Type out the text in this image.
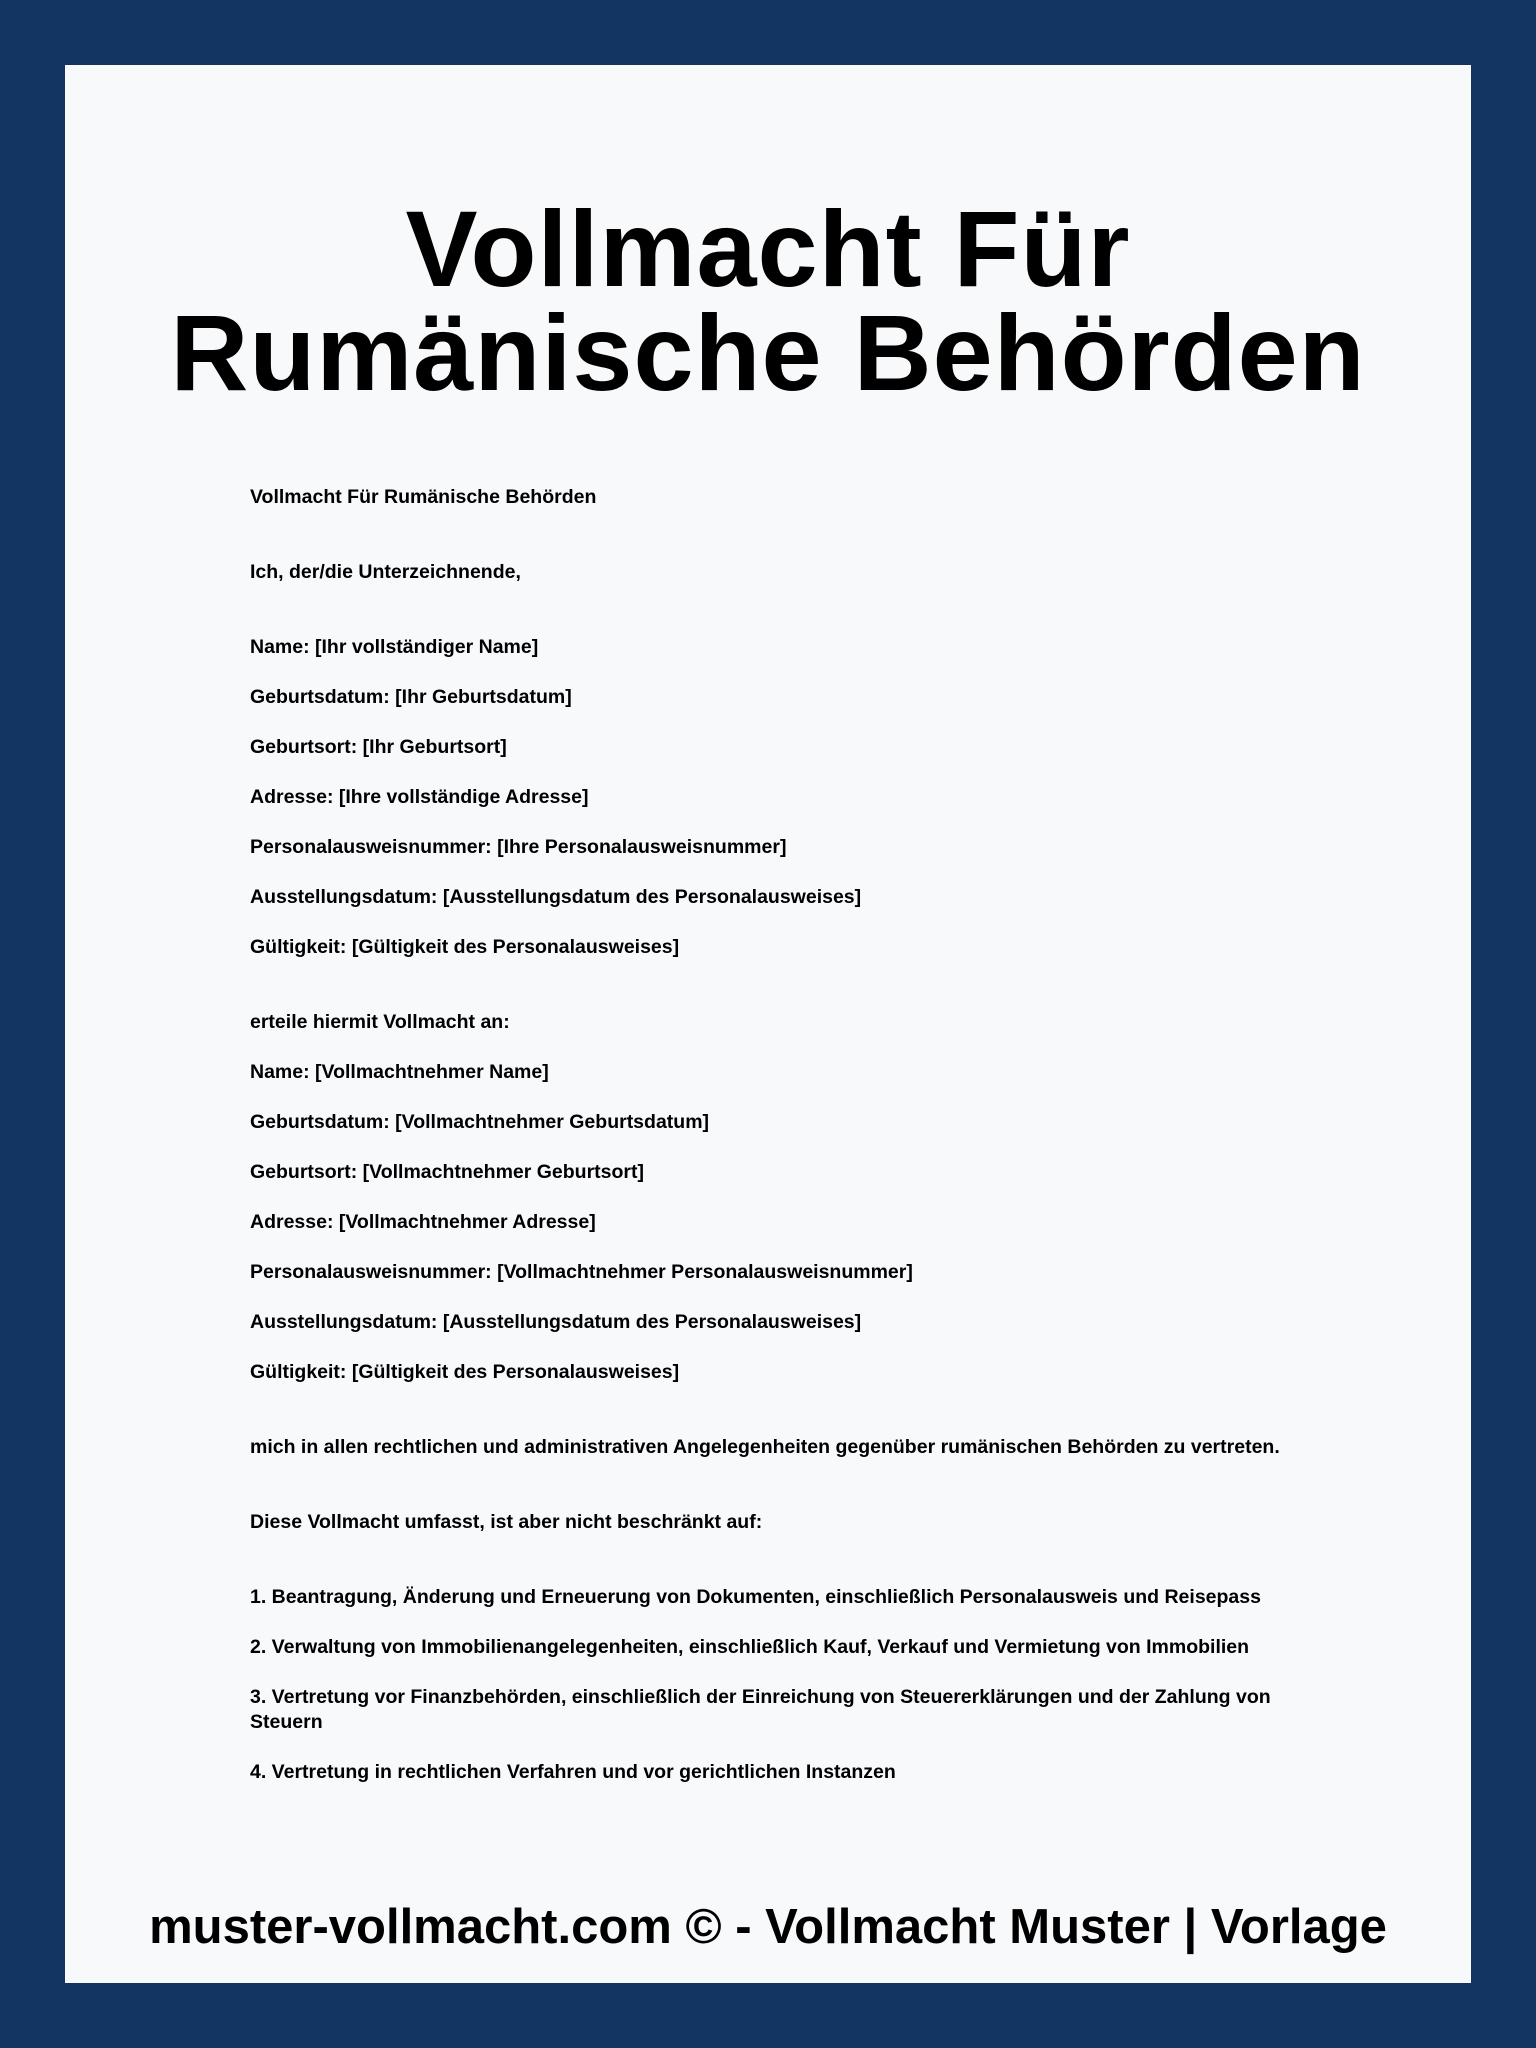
Vollmacht Für Rumänische Behörden

Vollmacht Für Rumänische Behörden

Ich, der/die Unterzeichnende,

Name: [Ihr vollständiger Name]

Geburtsdatum: [Ihr Geburtsdatum]

Geburtsort: [Ihr Geburtsort]

Adresse: [Ihre vollständige Adresse]

Personalausweisnummer: [Ihre Personalausweisnummer]

Ausstellungsdatum: [Ausstellungsdatum des Personalausweises]

Gültigkeit: [Gültigkeit des Personalausweises]

erteile hiermit Vollmacht an:

Name: [Vollmachtnehmer Name]

Geburtsdatum: [Vollmachtnehmer Geburtsdatum]

Geburtsort: [Vollmachtnehmer Geburtsort]

Adresse: [Vollmachtnehmer Adresse]

Personalausweisnummer: [Vollmachtnehmer Personalausweisnummer]

Ausstellungsdatum: [Ausstellungsdatum des Personalausweises]

Gültigkeit: [Gültigkeit des Personalausweises]

mich in allen rechtlichen und administrativen Angelegenheiten gegenüber rumänischen Behörden zu vertreten.

Diese Vollmacht umfasst, ist aber nicht beschränkt auf:

1. Beantragung, Änderung und Erneuerung von Dokumenten, einschließlich Personalausweis und Reisepass

2. Verwaltung von Immobilienangelegenheiten, einschließlich Kauf, Verkauf und Vermietung von Immobilien

3. Vertretung vor Finanzbehörden, einschließlich der Einreichung von Steuererklärungen und der Zahlung von Steuern

4. Vertretung in rechtlichen Verfahren und vor gerichtlichen Instanzen

muster-vollmacht.com © - Vollmacht Muster | Vorlage
